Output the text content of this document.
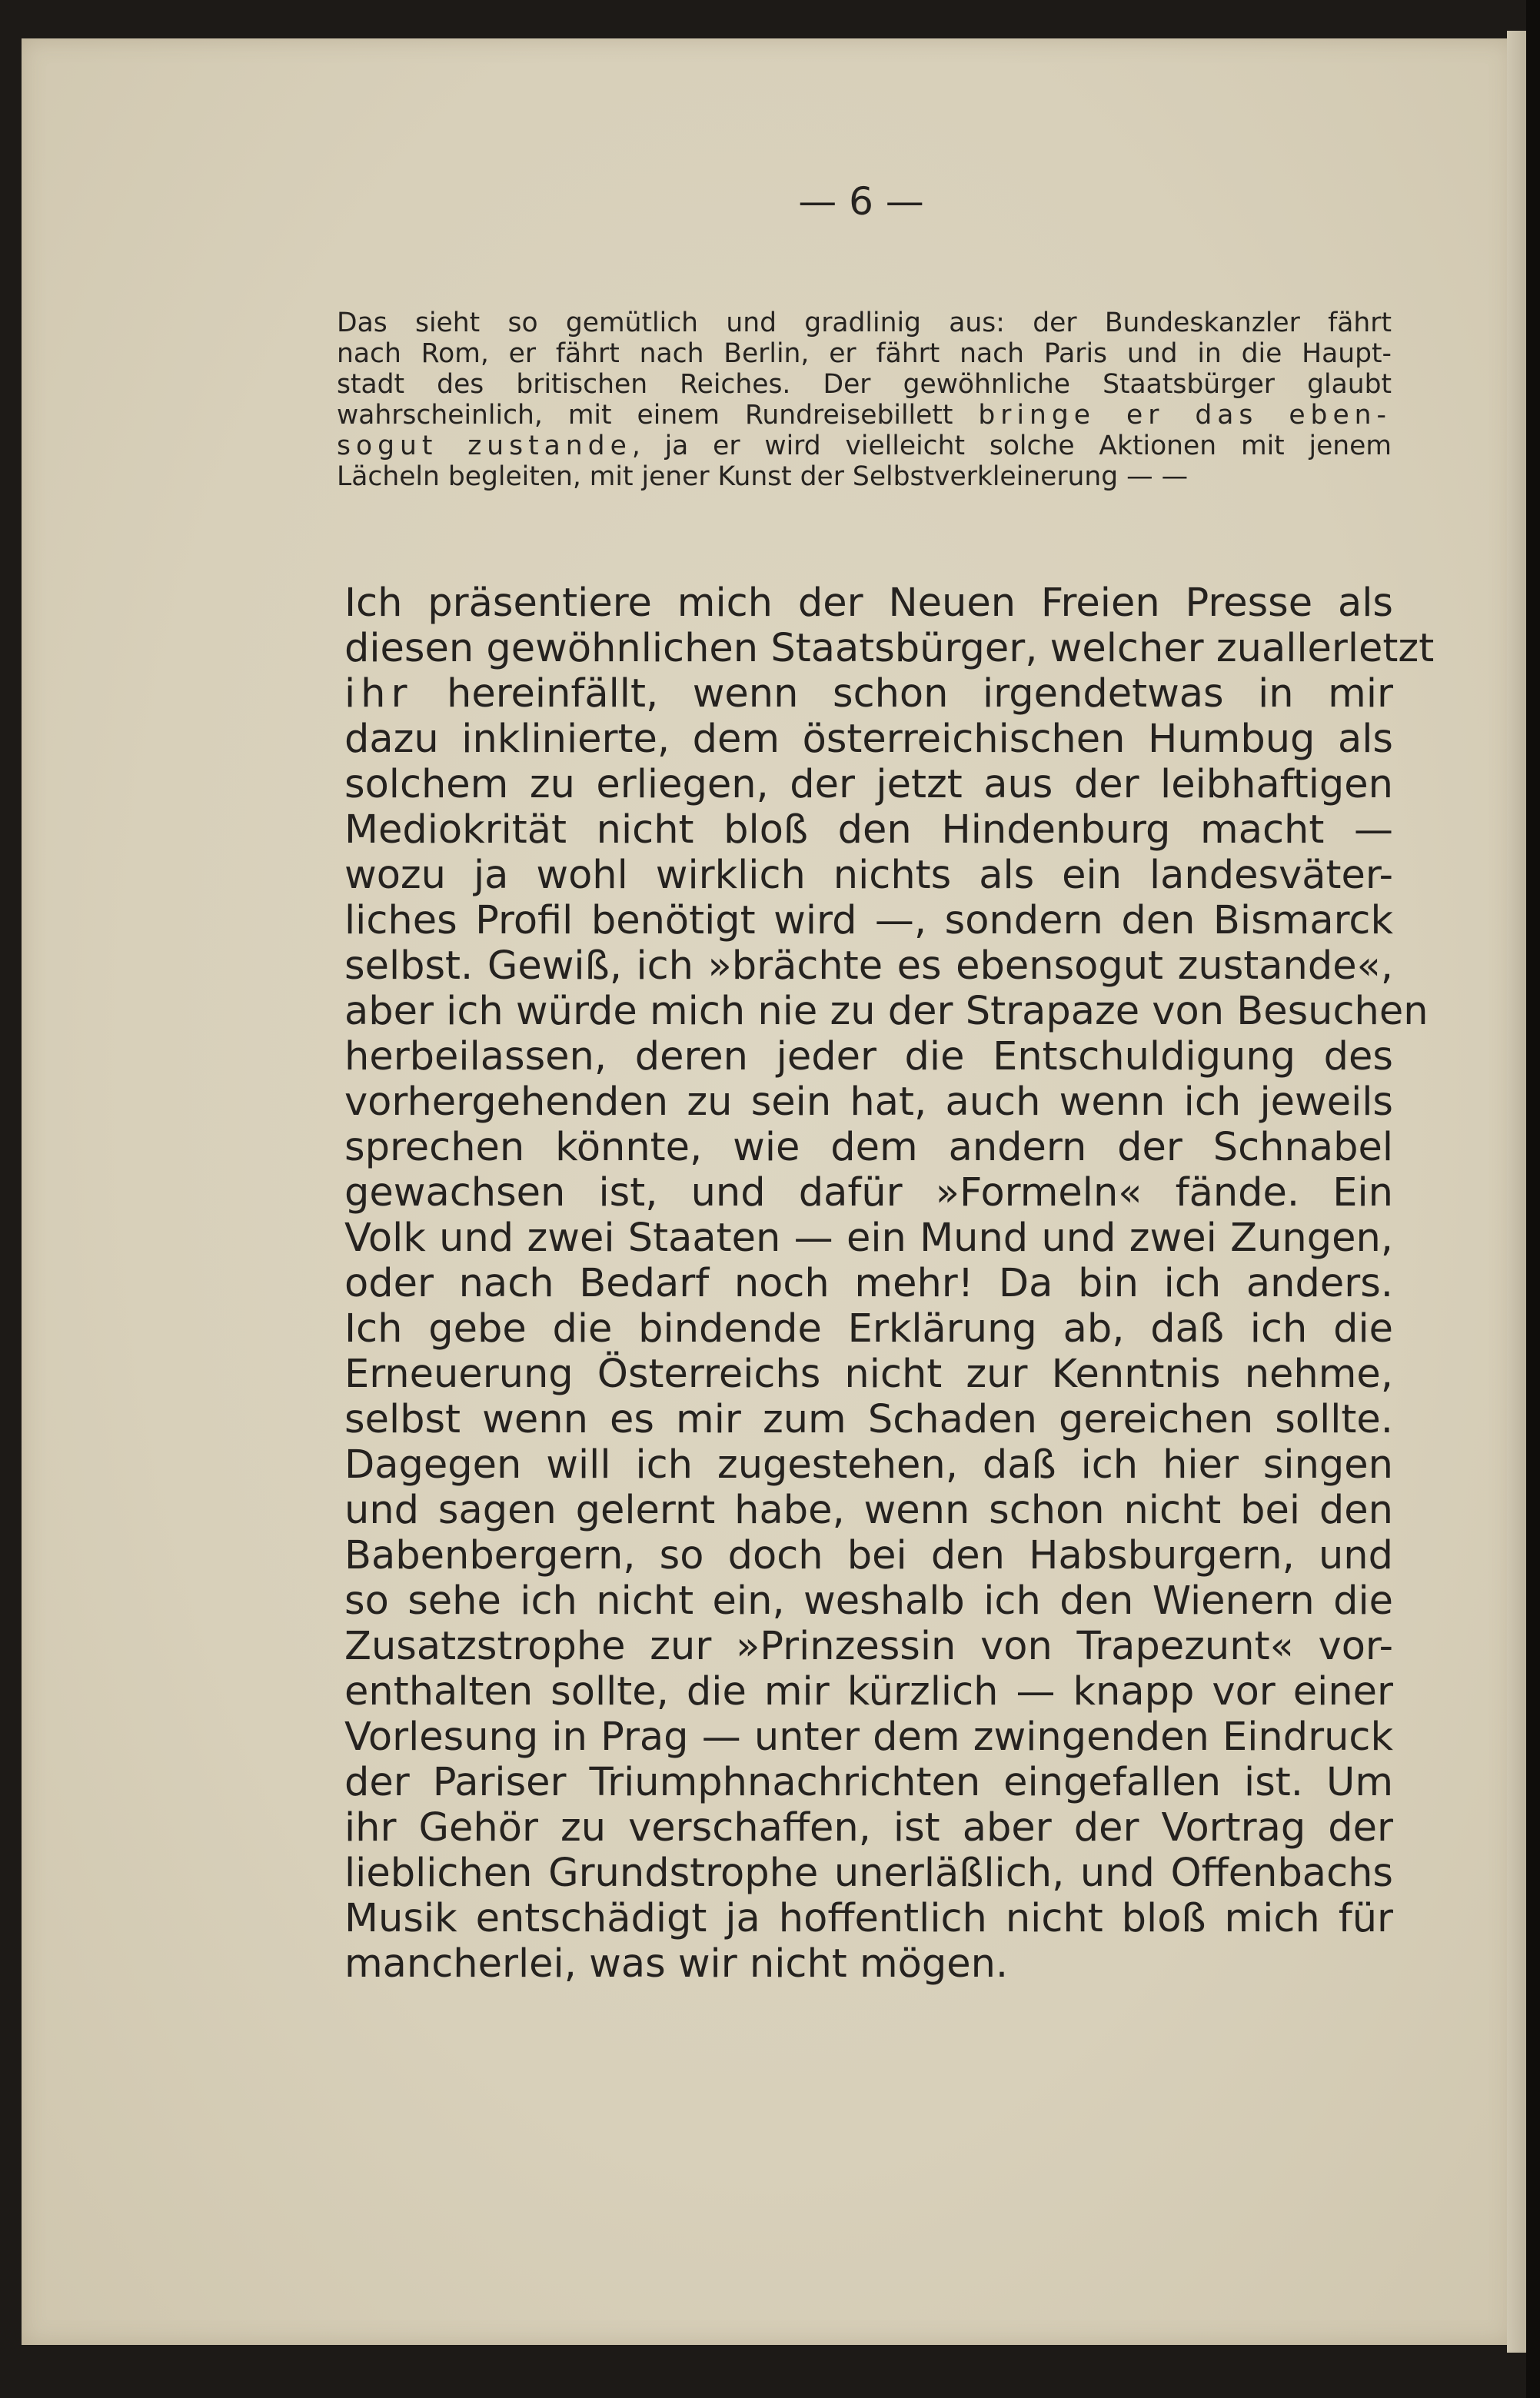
— 6 —
Das sieht so gemütlich und gradlinig aus: der Bundeskanzler fährt
nach Rom, er fährt nach Berlin, er fährt nach Paris und in die Haupt-
stadt des britischen Reiches. Der gewöhnliche Staatsbürger glaubt
wahrscheinlich, mit einem Rundreisebillett bringe er das eben-
sogut zustande, ja er wird vielleicht solche Aktionen mit jenem
Lächeln begleiten, mit jener Kunst der Selbstverkleinerung — —
Ich präsentiere mich der Neuen Freien Presse als
diesen gewöhnlichen Staatsbürger, welcher zuallerletzt
ihr hereinfällt, wenn schon irgendetwas in mir
dazu inklinierte, dem österreichischen Humbug als
solchem zu erliegen, der jetzt aus der leibhaftigen
Mediokrität nicht bloß den Hindenburg macht —
wozu ja wohl wirklich nichts als ein landesväter-
liches Profil benötigt wird —, sondern den Bismarck
selbst. Gewiß, ich »brächte es ebensogut zustande«,
aber ich würde mich nie zu der Strapaze von Besuchen
herbeilassen, deren jeder die Entschuldigung des
vorhergehenden zu sein hat, auch wenn ich jeweils
sprechen könnte, wie dem andern der Schnabel
gewachsen ist, und dafür »Formeln« fände. Ein
Volk und zwei Staaten — ein Mund und zwei Zungen,
oder nach Bedarf noch mehr! Da bin ich anders.
Ich gebe die bindende Erklärung ab, daß ich die
Erneuerung Österreichs nicht zur Kenntnis nehme,
selbst wenn es mir zum Schaden gereichen sollte.
Dagegen will ich zugestehen, daß ich hier singen
und sagen gelernt habe, wenn schon nicht bei den
Babenbergern, so doch bei den Habsburgern, und
so sehe ich nicht ein, weshalb ich den Wienern die
Zusatzstrophe zur »Prinzessin von Trapezunt« vor-
enthalten sollte, die mir kürzlich — knapp vor einer
Vorlesung in Prag — unter dem zwingenden Eindruck
der Pariser Triumphnachrichten eingefallen ist. Um
ihr Gehör zu verschaffen, ist aber der Vortrag der
lieblichen Grundstrophe unerläßlich, und Offenbachs
Musik entschädigt ja hoffentlich nicht bloß mich für
mancherlei, was wir nicht mögen.
